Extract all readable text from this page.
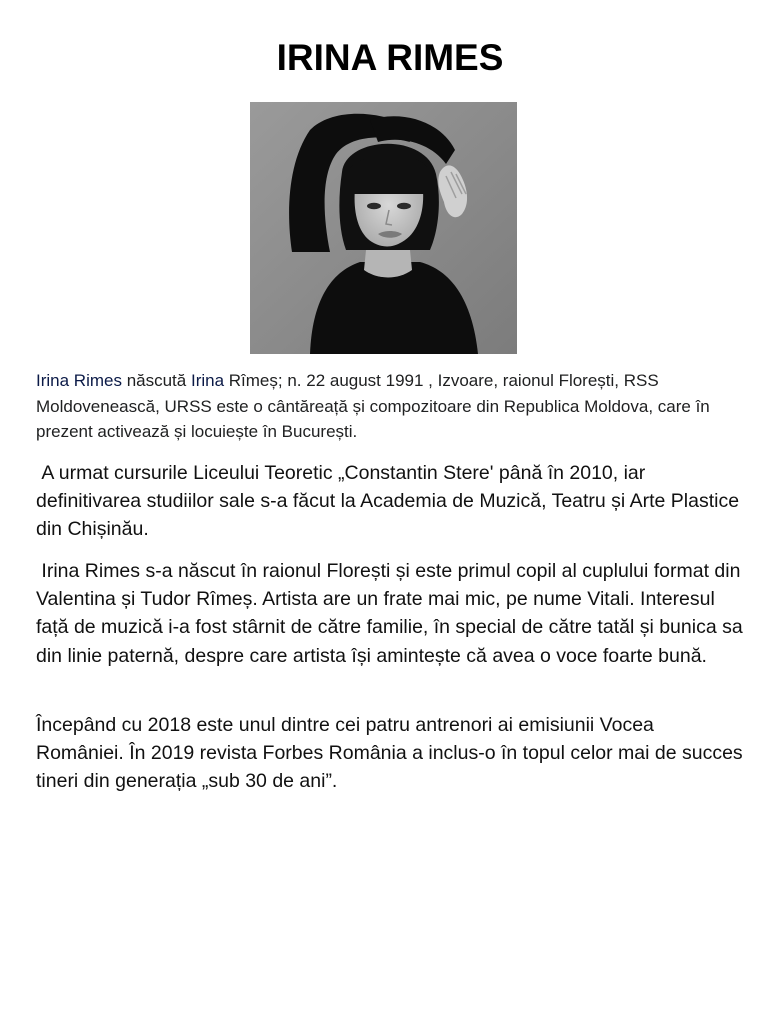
IRINA RIMES

Irina Rimes născută Irina Rîmeș; n. 22 august 1991 , Izvoare, raionul Florești, RSS Moldovenească, URSS este o cântăreață și compozitoare din Republica Moldova, care în prezent activează și locuiește în București.

A urmat cursurile Liceului Teoretic „Constantin Stere' până în 2010, iar definitivarea studiilor sale s-a făcut la Academia de Muzică, Teatru și Arte Plastice din Chișinău.

Irina Rimes s-a născut în raionul Florești și este primul copil al cuplului format din Valentina și Tudor Rîmeș. Artista are un frate mai mic, pe nume Vitali. Interesul față de muzică i-a fost stârnit de către familie, în special de către tatăl și bunica sa din linie paternă, despre care artista își amintește că avea o voce foarte bună.

Începând cu 2018 este unul dintre cei patru antrenori ai emisiunii Vocea României. În 2019 revista Forbes România a inclus-o în topul celor mai de succes tineri din generația „sub 30 de ani”.
